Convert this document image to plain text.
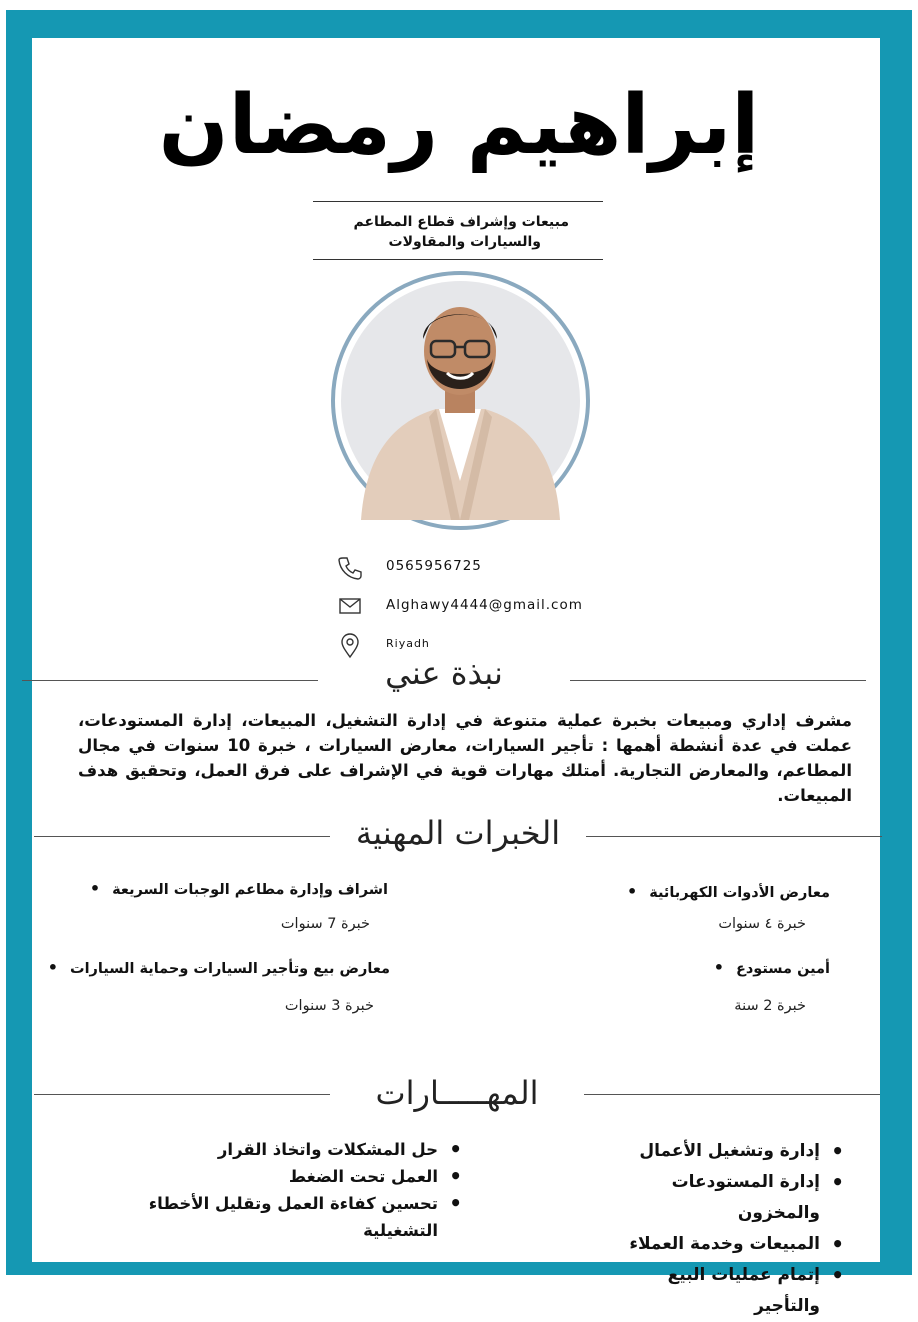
إبراهيم رمضان
مبيعات وإشراف قطاع المطاعم
والسيارات والمقاولات
0565956725
Alghawy4444@gmail.com
Riyadh
نبذة عني
مشرف إداري ومبيعات بخبرة عملية متنوعة في إدارة التشغيل، المبيعات، إدارة المستودعات، عملت في عدة أنشطة أهمها : تأجير السيارات، معارض السيارات ، خبرة 10 سنوات في مجال المطاعم، والمعارض التجارية. أمتلك مهارات قوية في الإشراف على فرق العمل، وتحقيق هدف المبيعات.
الخبرات المهنية
معارض الأدوات الكهربائية •
خبرة ٤ سنوات
اشراف وإدارة مطاعم الوجبات السريعة •
خبرة 7 سنوات
أمين مستودع •
خبرة 2 سنة
معارض بيع وتأجير السيارات وحماية السيارات •
خبرة 3 سنوات
المهـــــارات
• إدارة وتشغيل الأعمال
• إدارة المستودعات والمخزون
• المبيعات وخدمة العملاء
• إتمام عمليات البيع والتأجير
• حل المشكلات واتخاذ القرار
• العمل تحت الضغط
• تحسين كفاءة العمل وتقليل الأخطاء التشغيلية
